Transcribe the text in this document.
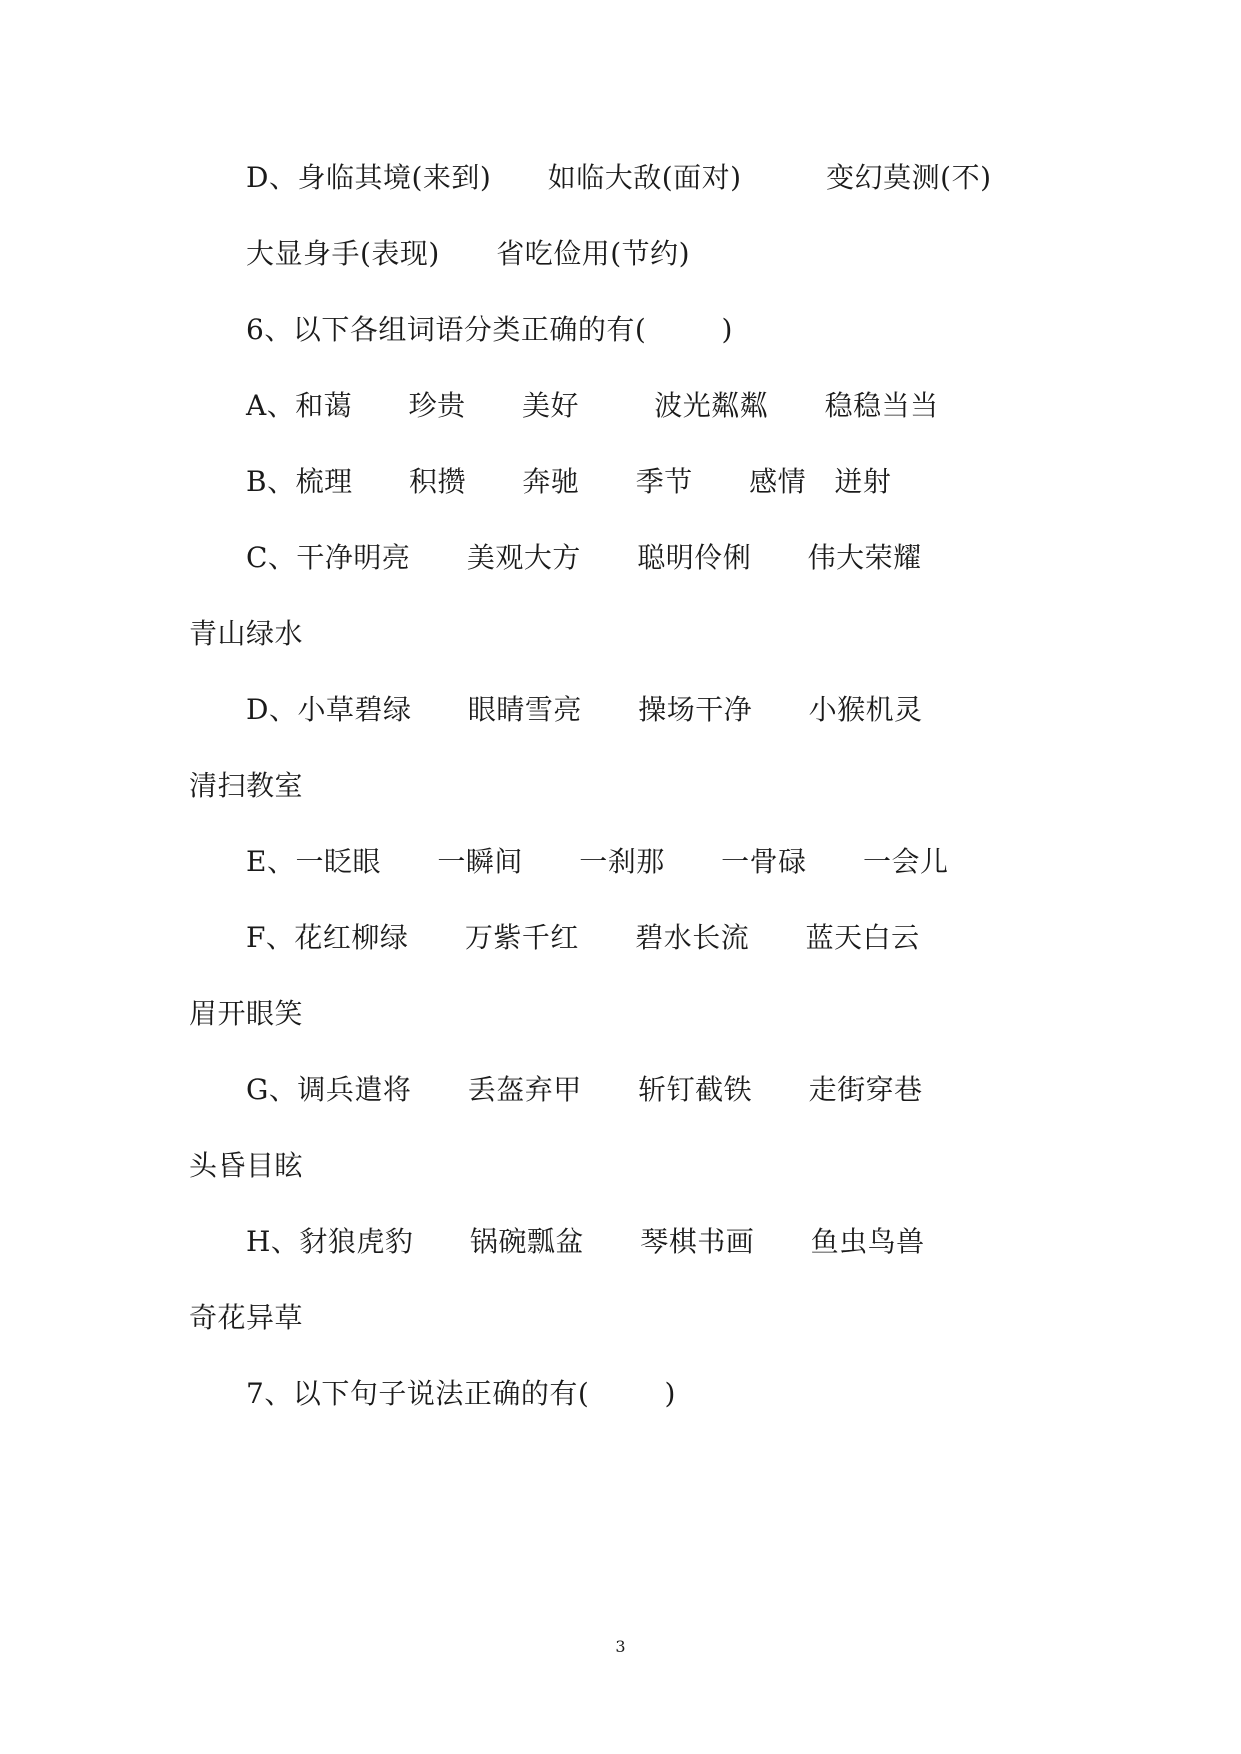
D、身临其境(来到)      如临大敌(面对)         变幻莫测(不)
大显身手(表现)      省吃俭用(节约)
6、以下各组词语分类正确的有(        )
A、和蔼      珍贵      美好        波光粼粼      稳稳当当
B、梳理      积攒      奔驰      季节      感情   迸射
C、干净明亮      美观大方      聪明伶俐      伟大荣耀
青山绿水
D、小草碧绿      眼睛雪亮      操场干净      小猴机灵
清扫教室
E、一眨眼      一瞬间      一刹那      一骨碌      一会儿
F、花红柳绿      万紫千红      碧水长流      蓝天白云
眉开眼笑
G、调兵遣将      丢盔弃甲      斩钉截铁      走街穿巷
头昏目眩
H、豺狼虎豹      锅碗瓢盆      琴棋书画      鱼虫鸟兽
奇花异草
7、以下句子说法正确的有(        )
3
